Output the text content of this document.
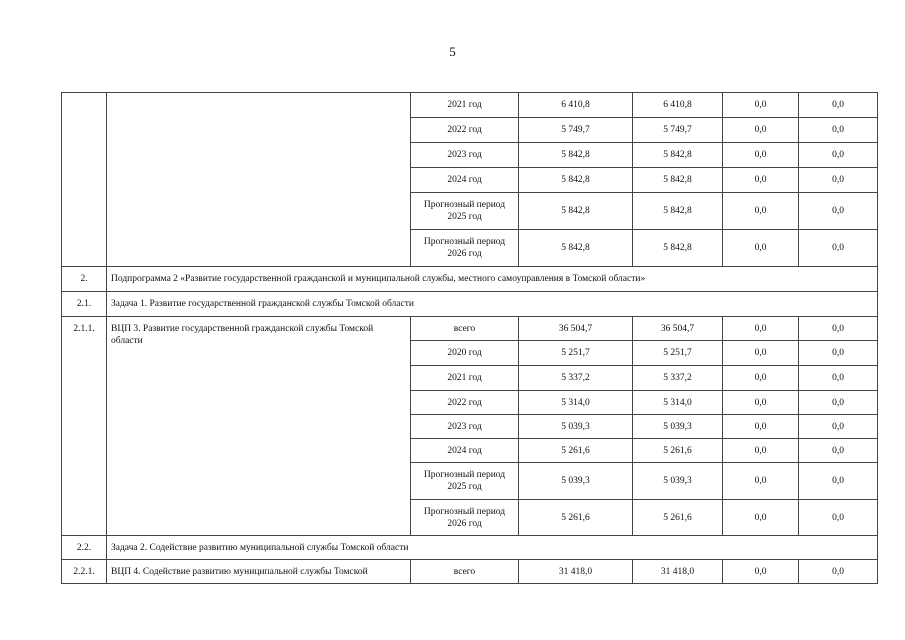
5
		2021 год	6 410,8	6 410,8	0,0	0,0
		2022 год	5 749,7	5 749,7	0,0	0,0
		2023 год	5 842,8	5 842,8	0,0	0,0
		2024 год	5 842,8	5 842,8	0,0	0,0
		Прогнозный период 2025 год	5 842,8	5 842,8	0,0	0,0
		Прогнозный период 2026 год	5 842,8	5 842,8	0,0	0,0
2.	Подпрограмма 2 «Развитие государственной гражданской и муниципальной службы, местного самоуправления в Томской области»					
2.1.	Задача 1. Развитие государственной гражданской службы Томской области					
2.1.1.	ВЦП 3. Развитие государственной гражданской службы Томской области	всего	36 504,7	36 504,7	0,0	0,0
		2020 год	5 251,7	5 251,7	0,0	0,0
		2021 год	5 337,2	5 337,2	0,0	0,0
		2022 год	5 314,0	5 314,0	0,0	0,0
		2023 год	5 039,3	5 039,3	0,0	0,0
		2024 год	5 261,6	5 261,6	0,0	0,0
		Прогнозный период 2025 год	5 039,3	5 039,3	0,0	0,0
		Прогнозный период 2026 год	5 261,6	5 261,6	0,0	0,0
2.2.	Задача 2. Содействие развитию муниципальной службы Томской области					
2.2.1.	ВЦП 4. Содействие развитию муниципальной службы Томской	всего	31 418,0	31 418,0	0,0	0,0
